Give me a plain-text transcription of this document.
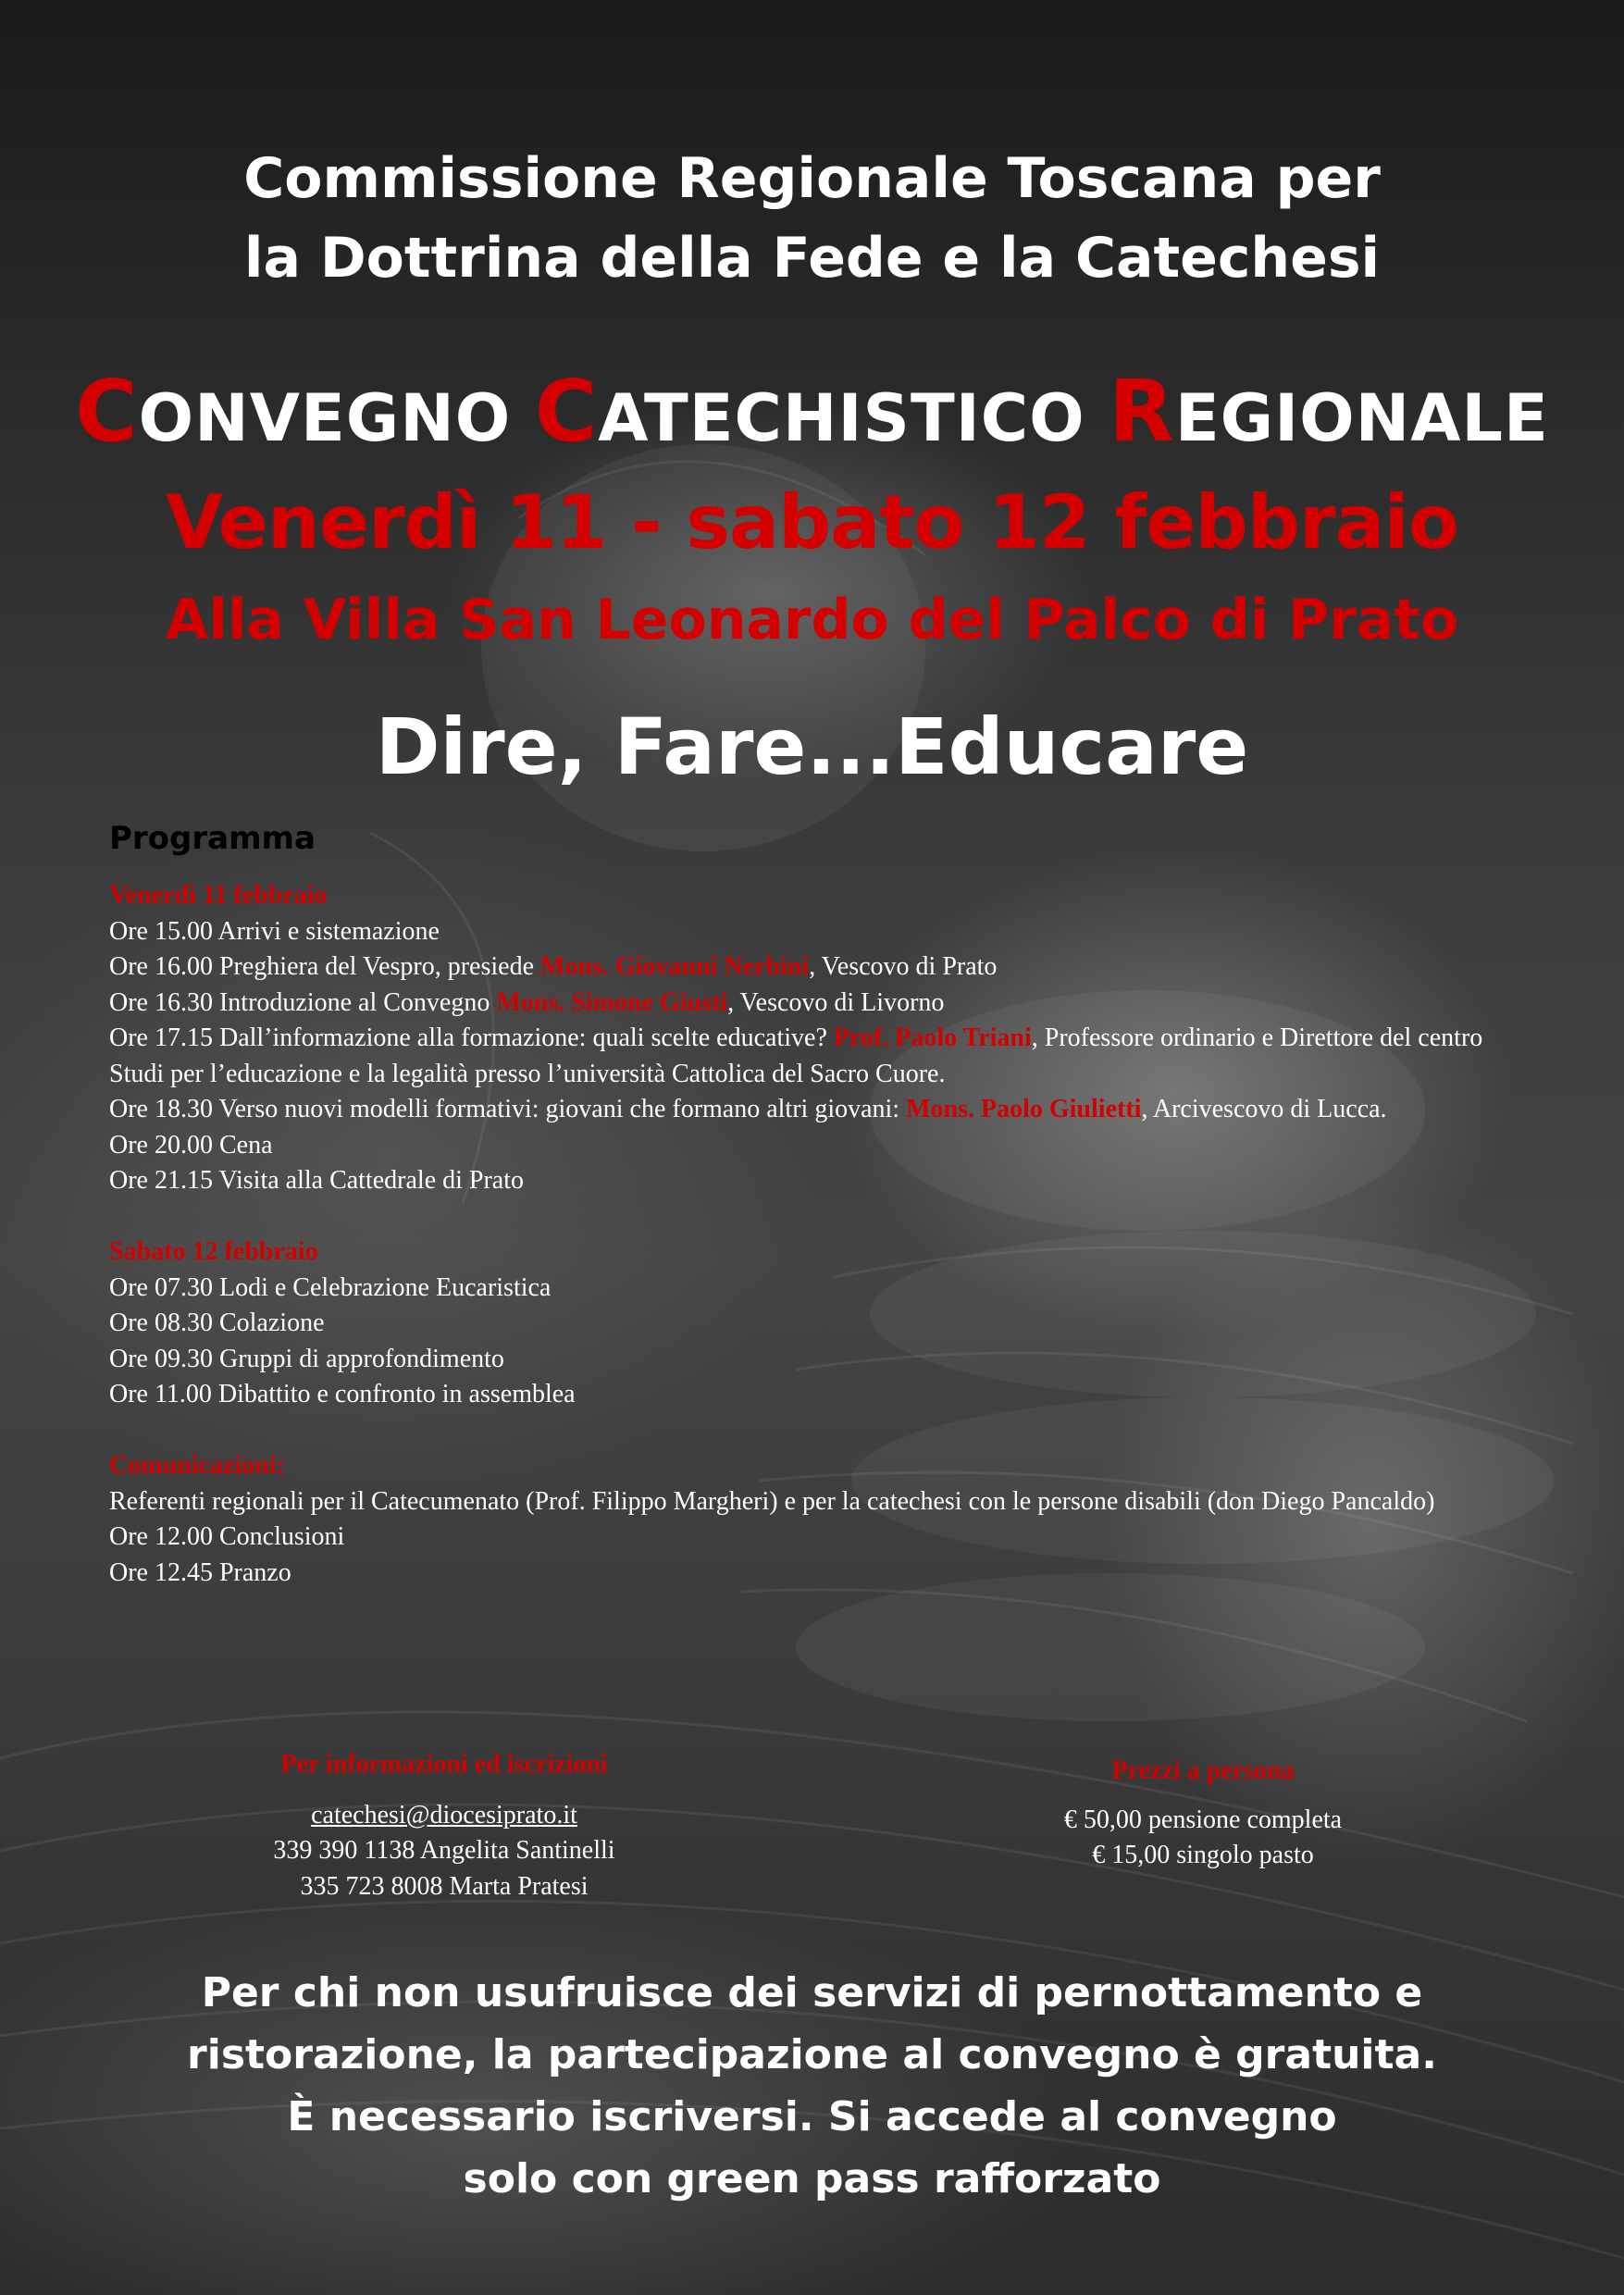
Commissione Regionale Toscana per
la Dottrina della Fede e la Catechesi
CONVEGNO CATECHISTICO REGIONALE
Venerdì 11 - sabato 12 febbraio
Alla Villa San Leonardo del Palco di Prato
Dire, Fare...Educare
Programma
Venerdì 11 febbraio
Ore 15.00 Arrivi e sistemazione
Ore 16.00 Preghiera del Vespro, presiede Mons. Giovanni Nerbini, Vescovo di Prato
Ore 16.30 Introduzione al Convegno Mons. Simone Giusti, Vescovo di Livorno
Ore 17.15 Dall’informazione alla formazione: quali scelte educative? Prof. Paolo Triani, Professore ordinario e Direttore del centro Studi per l’educazione e la legalità presso l’università Cattolica del Sacro Cuore.
Ore 18.30 Verso nuovi modelli formativi: giovani che formano altri giovani: Mons. Paolo Giulietti, Arcivescovo di Lucca.
Ore 20.00 Cena
Ore 21.15 Visita alla Cattedrale di Prato
Sabato 12 febbraio
Ore 07.30 Lodi e Celebrazione Eucaristica
Ore 08.30 Colazione
Ore 09.30 Gruppi di approfondimento
Ore 11.00 Dibattito e confronto in assemblea
Comunicazioni:
Referenti regionali per il Catecumenato (Prof. Filippo Margheri) e per la catechesi con le persone disabili (don Diego Pancaldo)
Ore 12.00 Conclusioni
Ore 12.45 Pranzo
Per informazioni ed iscrizioni
catechesi@diocesiprato.it
339 390 1138 Angelita Santinelli
335 723 8008 Marta Pratesi
Prezzi a persona
€ 50,00 pensione completa
€ 15,00 singolo pasto
Per chi non usufruisce dei servizi di pernottamento e
ristorazione, la partecipazione al convegno è gratuita.
È necessario iscriversi. Si accede al convegno
solo con green pass rafforzato
